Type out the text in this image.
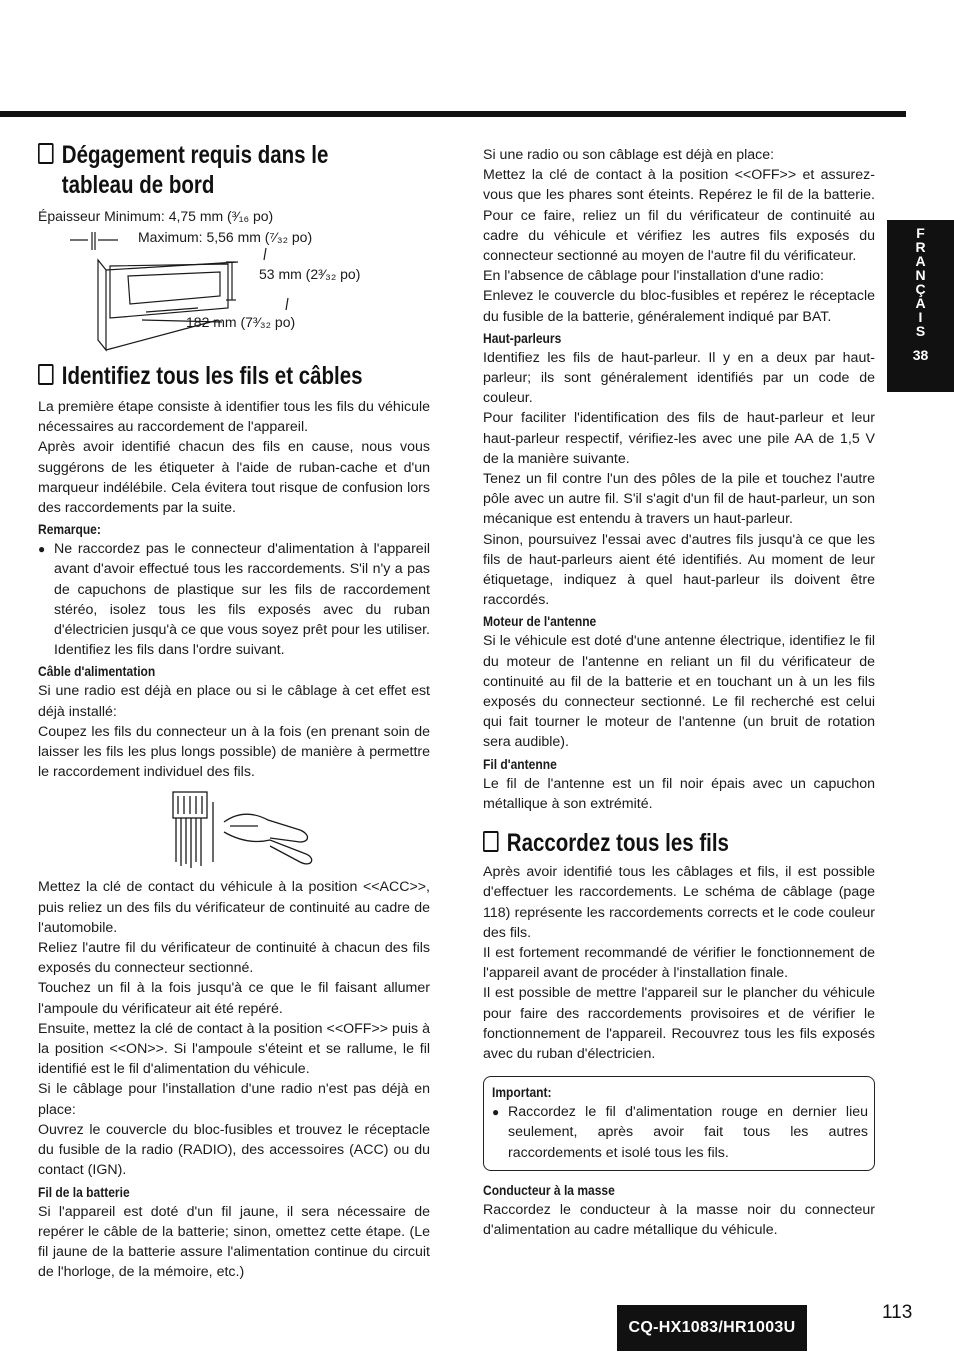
Dégagement requis dans le
tableau de bord
Épaisseur Minimum: 4,75 mm (³⁄₁₆ po)
Maximum: 5,56 mm (⁷⁄₃₂ po)
53 mm (2³⁄₃₂ po)
182 mm (7³⁄₃₂ po)
Identifiez tous les fils et câbles

La première étape consiste à identifier tous les fils du véhicule nécessaires au raccordement de l'appareil.

Après avoir identifié chacun des fils en cause, nous vous suggérons de les étiqueter à l'aide de ruban-cache et d'un marqueur indélébile. Cela évitera tout risque de confusion lors des raccordements par la suite.

Remarque:
● Ne raccordez pas le connecteur d'alimentation à l'appareil avant d'avoir effectué tous les raccordements. S'il n'y a pas de capuchons de plastique sur les fils de raccordement stéréo, isolez tous les fils exposés avec du ruban d'électricien jusqu'à ce que vous soyez prêt pour les utiliser. Identifiez les fils dans l'ordre suivant.

Câble d'alimentation

Si une radio est déjà en place ou si le câblage à cet effet est déjà installé:

Coupez les fils du connecteur un à la fois (en prenant soin de laisser les fils les plus longs possible) de manière à permettre le raccordement individuel des fils.

Mettez la clé de contact du véhicule à la position <<ACC>>, puis reliez un des fils du vérificateur de continuité au cadre de l'automobile.

Reliez l'autre fil du vérificateur de continuité à chacun des fils exposés du connecteur sectionné.

Touchez un fil à la fois jusqu'à ce que le fil faisant allumer l'ampoule du vérificateur ait été repéré.

Ensuite, mettez la clé de contact à la position <<OFF>> puis à la position <<ON>>. Si l'ampoule s'éteint et se rallume, le fil identifié est le fil d'alimentation du véhicule.

Si le câblage pour l'installation d'une radio n'est pas déjà en place:

Ouvrez le couvercle du bloc-fusibles et trouvez le réceptacle du fusible de la radio (RADIO), des accessoires (ACC) ou du contact (IGN).

Fil de la batterie

Si l'appareil est doté d'un fil jaune, il sera nécessaire de repérer le câble de la batterie; sinon, omettez cette étape. (Le fil jaune de la batterie assure l'alimentation continue du circuit de l'horloge, de la mémoire, etc.)

Si une radio ou son câblage est déjà en place:

Mettez la clé de contact à la position <<OFF>> et assurez-vous que les phares sont éteints. Repérez le fil de la batterie. Pour ce faire, reliez un fil du vérificateur de continuité au cadre du véhicule et vérifiez les autres fils exposés du connecteur sectionné au moyen de l'autre fil du vérificateur.

En l'absence de câblage pour l'installation d'une radio:

Enlevez le couvercle du bloc-fusibles et repérez le réceptacle du fusible de la batterie, généralement indiqué par BAT.

Haut-parleurs

Identifiez les fils de haut-parleur. Il y en a deux par haut-parleur; ils sont généralement identifiés par un code de couleur.

Pour faciliter l'identification des fils de haut-parleur et leur haut-parleur respectif, vérifiez-les avec une pile AA de 1,5 V de la manière suivante.

Tenez un fil contre l'un des pôles de la pile et touchez l'autre pôle avec un autre fil. S'il s'agit d'un fil de haut-parleur, un son mécanique est entendu à travers un haut-parleur.

Sinon, poursuivez l'essai avec d'autres fils jusqu'à ce que les fils de haut-parleurs aient été identifiés. Au moment de leur étiquetage, indiquez à quel haut-parleur ils doivent être raccordés.

Moteur de l'antenne

Si le véhicule est doté d'une antenne électrique, identifiez le fil du moteur de l'antenne en reliant un fil du vérificateur de continuité au fil de la batterie et en touchant un à un les fils exposés du connecteur sectionné. Le fil recherché est celui qui fait tourner le moteur de l'antenne (un bruit de rotation sera audible).

Fil d'antenne

Le fil de l'antenne est un fil noir épais avec un capuchon métallique à son extrémité.

Raccordez tous les fils

Après avoir identifié tous les câblages et fils, il est possible d'effectuer les raccordements. Le schéma de câblage (page 118) représente les raccordements corrects et le code couleur des fils.

Il est fortement recommandé de vérifier le fonctionnement de l'appareil avant de procéder à l'installation finale.

Il est possible de mettre l'appareil sur le plancher du véhicule pour faire des raccordements provisoires et de vérifier le fonctionnement de l'appareil. Recouvrez tous les fils exposés avec du ruban d'électricien.

Important:
● Raccordez le fil d'alimentation rouge en dernier lieu seulement, après avoir fait tous les autres raccordements et isolé tous les fils.

Conducteur à la masse

Raccordez le conducteur à la masse noir du connecteur d'alimentation au cadre métallique du véhicule.

F
R
A
N
Ç
A
I
S
38
CQ-HX1083/HR1003U
113
